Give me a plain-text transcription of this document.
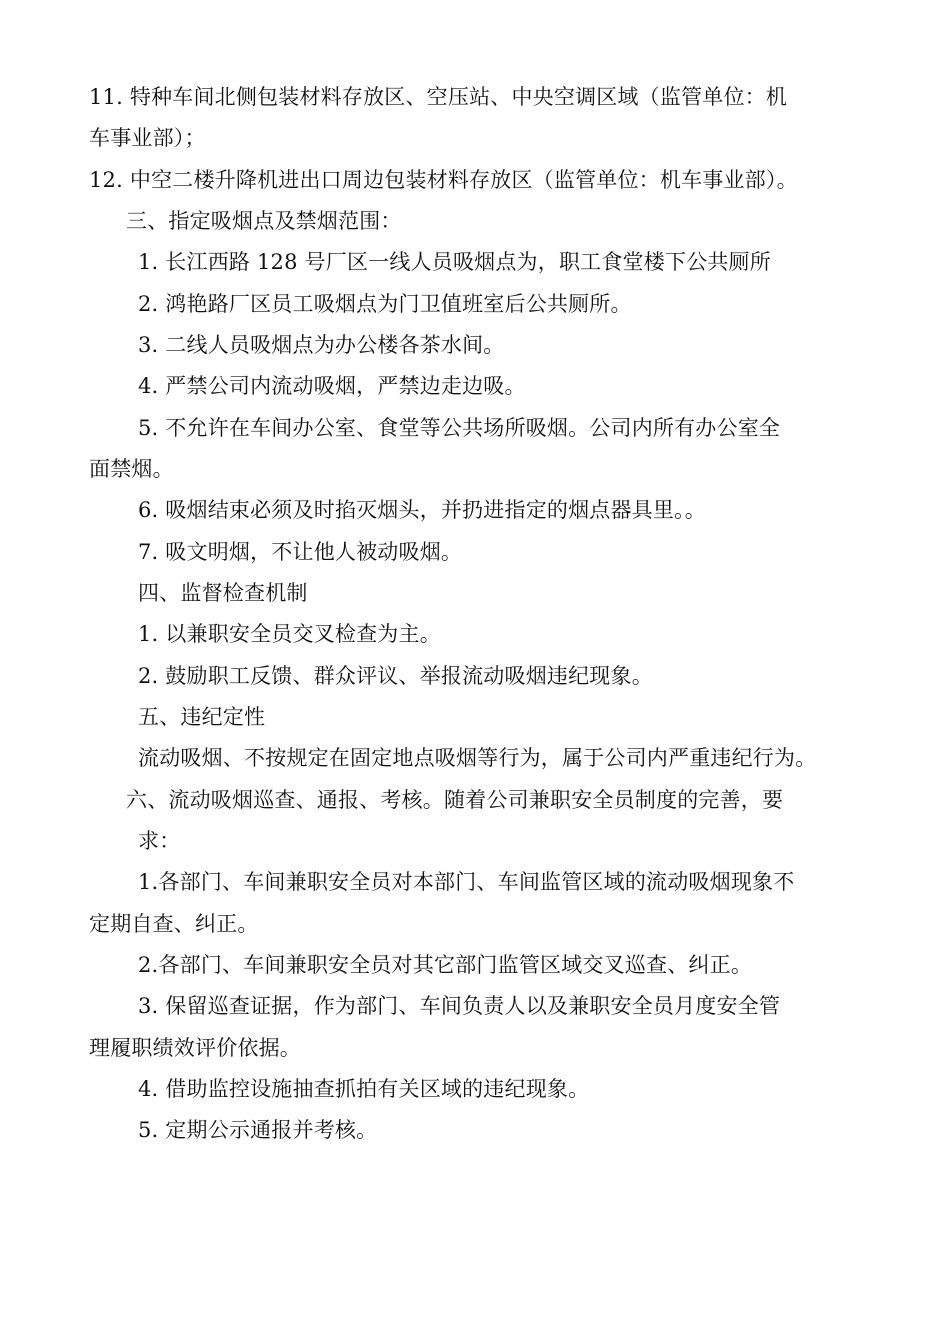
11. 特种车间北侧包装材料存放区、空压站、中央空调区域（监管单位：机
车事业部）；
12. 中空二楼升降机进出口周边包装材料存放区（监管单位：机车事业部）。
三、指定吸烟点及禁烟范围：
1. 长江西路 128 号厂区一线人员吸烟点为，职工食堂楼下公共厕所
2. 鸿艳路厂区员工吸烟点为门卫值班室后公共厕所。
3. 二线人员吸烟点为办公楼各茶水间。
4. 严禁公司内流动吸烟，严禁边走边吸。
5. 不允许在车间办公室、食堂等公共场所吸烟。公司内所有办公室全
面禁烟。
6. 吸烟结束必须及时掐灭烟头，并扔进指定的烟点器具里。。
7. 吸文明烟，不让他人被动吸烟。
四、监督检查机制
1. 以兼职安全员交叉检查为主。
2. 鼓励职工反馈、群众评议、举报流动吸烟违纪现象。
五、违纪定性
流动吸烟、不按规定在固定地点吸烟等行为，属于公司内严重违纪行为。
六、流动吸烟巡查、通报、考核。随着公司兼职安全员制度的完善，要
求：
1.各部门、车间兼职安全员对本部门、车间监管区域的流动吸烟现象不
定期自查、纠正。
2.各部门、车间兼职安全员对其它部门监管区域交叉巡查、纠正。
3. 保留巡查证据，作为部门、车间负责人以及兼职安全员月度安全管
理履职绩效评价依据。
4. 借助监控设施抽查抓拍有关区域的违纪现象。
5. 定期公示通报并考核。
